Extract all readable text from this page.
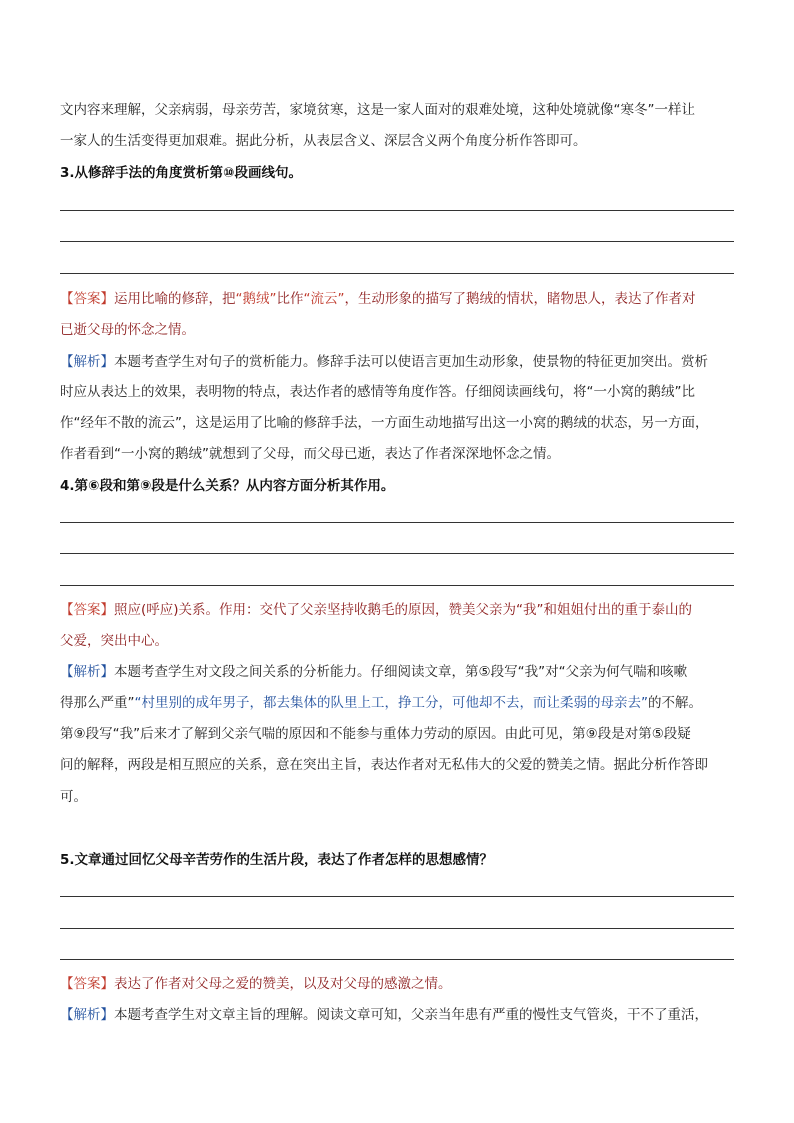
文内容来理解，父亲病弱，母亲劳苦，家境贫寒，这是一家人面对的艰难处境，这种处境就像“寒冬”一样让
一家人的生活变得更加艰难。据此分析，从表层含义、深层含义两个角度分析作答即可。
3.从修辞手法的角度赏析第⑩段画线句。
【答案】运用比喻的修辞，把“鹅绒”比作“流云”，生动形象的描写了鹅绒的情状，睹物思人，表达了作者对
已逝父母的怀念之情。
【解析】本题考查学生对句子的赏析能力。修辞手法可以使语言更加生动形象，使景物的特征更加突出。赏析
时应从表达上的效果，表明物的特点，表达作者的感情等角度作答。仔细阅读画线句，将“一小窝的鹅绒”比
作“经年不散的流云”，这是运用了比喻的修辞手法，一方面生动地描写出这一小窝的鹅绒的状态，另一方面，
作者看到“一小窝的鹅绒”就想到了父母，而父母已逝，表达了作者深深地怀念之情。
4.第⑥段和第⑨段是什么关系？从内容方面分析其作用。
【答案】照应(呼应)关系。作用：交代了父亲坚持收鹅毛的原因，赞美父亲为“我”和姐姐付出的重于泰山的
父爱，突出中心。
【解析】本题考查学生对文段之间关系的分析能力。仔细阅读文章，第⑤段写“我”对“父亲为何气喘和咳嗽
得那么严重”“村里别的成年男子，都去集体的队里上工，挣工分，可他却不去，而让柔弱的母亲去”的不解。
第⑨段写“我”后来才了解到父亲气喘的原因和不能参与重体力劳动的原因。由此可见，第⑨段是对第⑤段疑
问的解释，两段是相互照应的关系，意在突出主旨，表达作者对无私伟大的父爱的赞美之情。据此分析作答即
可。
5.文章通过回忆父母辛苦劳作的生活片段，表达了作者怎样的思想感情？
【答案】表达了作者对父母之爱的赞美，以及对父母的感激之情。
【解析】本题考查学生对文章主旨的理解。阅读文章可知，父亲当年患有严重的慢性支气管炎，干不了重活，
